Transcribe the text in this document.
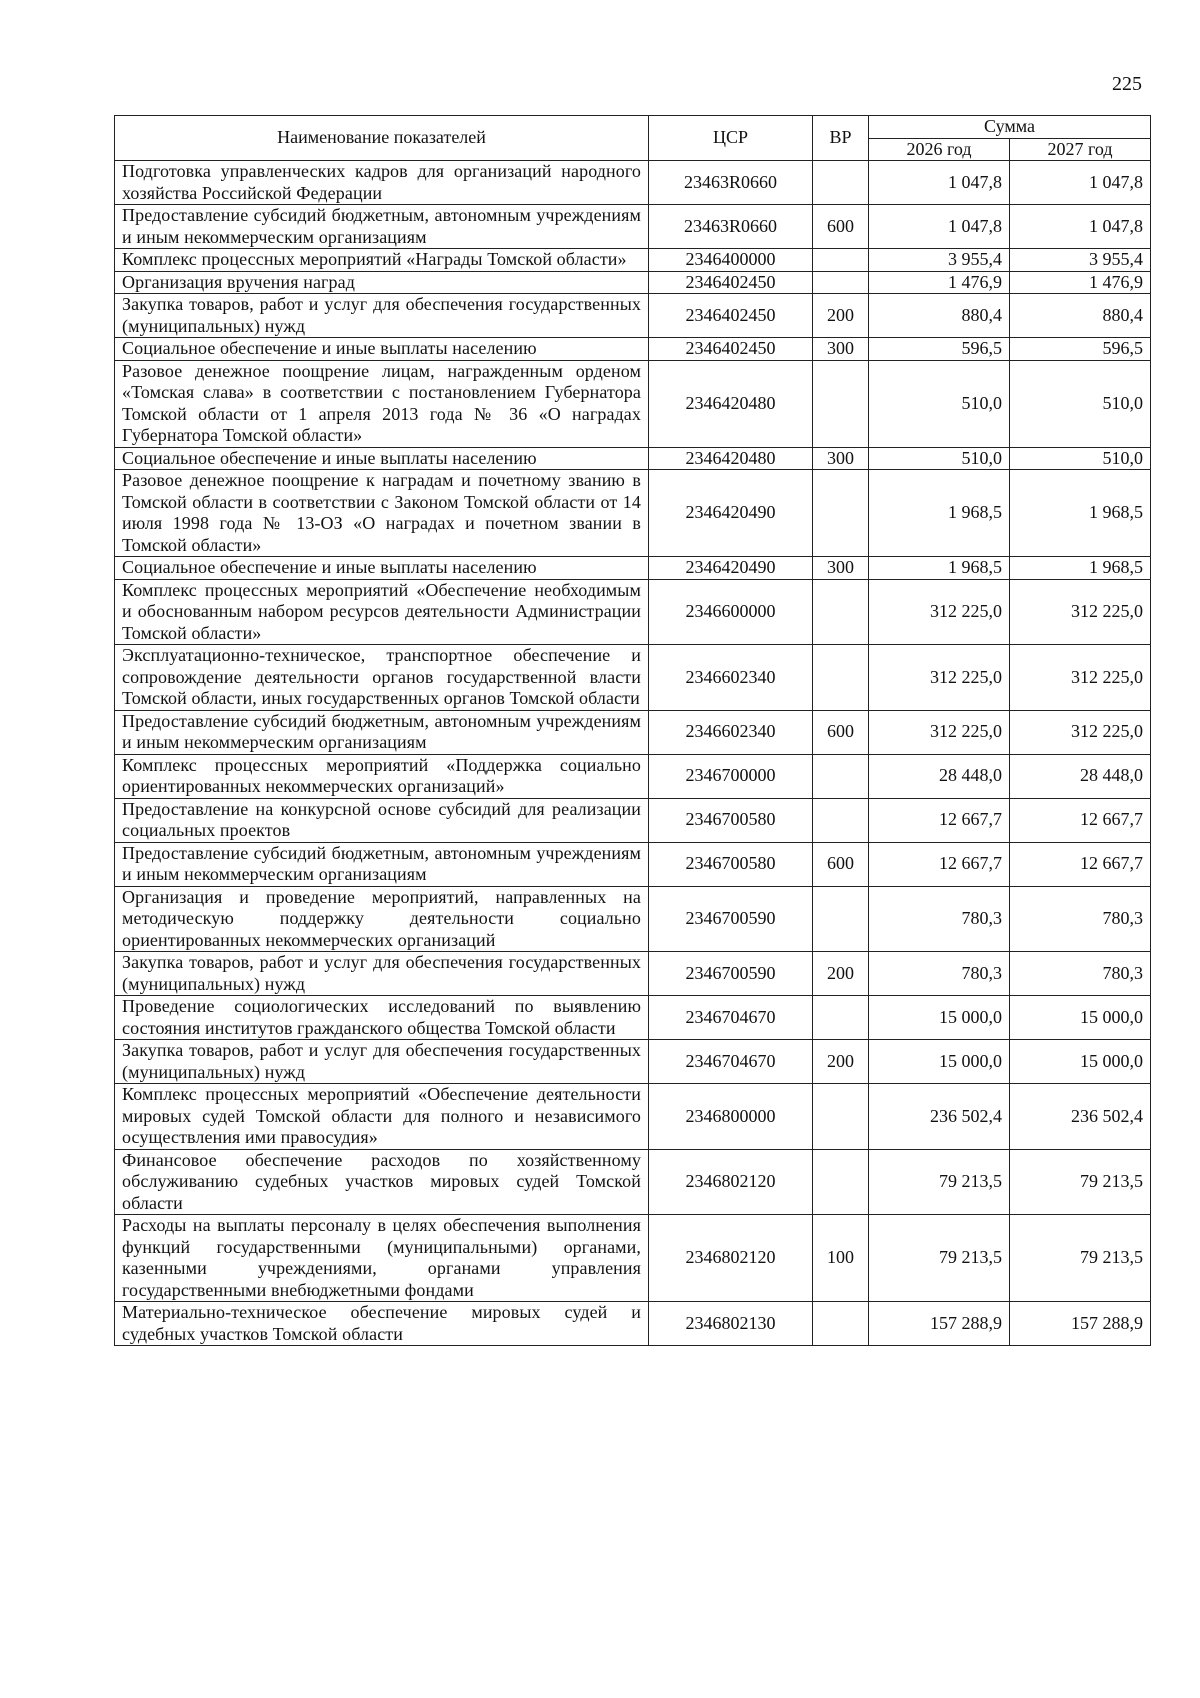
225
Наименование показателей	ЦСР	ВР	Сумма	
			2026 год	2027 год
Подготовка управленческих кадров для организаций народного хозяйства Российской Федерации	23463R0660		1 047,8	1 047,8
Предоставление субсидий бюджетным, автономным учреждениям и иным некоммерческим организациям	23463R0660	600	1 047,8	1 047,8
Комплекс процессных мероприятий «Награды Томской области»	2346400000		3 955,4	3 955,4
Организация вручения наград	2346402450		1 476,9	1 476,9
Закупка товаров, работ и услуг для обеспечения государственных (муниципальных) нужд	2346402450	200	880,4	880,4
Социальное обеспечение и иные выплаты населению	2346402450	300	596,5	596,5
Разовое денежное поощрение лицам, награжденным орденом «Томская слава» в соответствии с постановлением Губернатора Томской области от 1 апреля 2013 года № 36 «О наградах Губернатора Томской области»	2346420480		510,0	510,0
Социальное обеспечение и иные выплаты населению	2346420480	300	510,0	510,0
Разовое денежное поощрение к наградам и почетному званию в Томской области в соответствии с Законом Томской области от 14 июля 1998 года № 13-ОЗ «О наградах и почетном звании в Томской области»	2346420490		1 968,5	1 968,5
Социальное обеспечение и иные выплаты населению	2346420490	300	1 968,5	1 968,5
Комплекс процессных мероприятий «Обеспечение необходимым и обоснованным набором ресурсов деятельности Администрации Томской области»	2346600000		312 225,0	312 225,0
Эксплуатационно-техническое, транспортное обеспечение и сопровождение деятельности органов государственной власти Томской области, иных государственных органов Томской области	2346602340		312 225,0	312 225,0
Предоставление субсидий бюджетным, автономным учреждениям и иным некоммерческим организациям	2346602340	600	312 225,0	312 225,0
Комплекс процессных мероприятий «Поддержка социально ориентированных некоммерческих организаций»	2346700000		28 448,0	28 448,0
Предоставление на конкурсной основе субсидий для реализации социальных проектов	2346700580		12 667,7	12 667,7
Предоставление субсидий бюджетным, автономным учреждениям и иным некоммерческим организациям	2346700580	600	12 667,7	12 667,7
Организация и проведение мероприятий, направленных на методическую поддержку деятельности социально ориентированных некоммерческих организаций	2346700590		780,3	780,3
Закупка товаров, работ и услуг для обеспечения государственных (муниципальных) нужд	2346700590	200	780,3	780,3
Проведение социологических исследований по выявлению состояния институтов гражданского общества Томской области	2346704670		15 000,0	15 000,0
Закупка товаров, работ и услуг для обеспечения государственных (муниципальных) нужд	2346704670	200	15 000,0	15 000,0
Комплекс процессных мероприятий «Обеспечение деятельности мировых судей Томской области для полного и независимого осуществления ими правосудия»	2346800000		236 502,4	236 502,4
Финансовое обеспечение расходов по хозяйственному обслуживанию судебных участков мировых судей Томской области	2346802120		79 213,5	79 213,5
Расходы на выплаты персоналу в целях обеспечения выполнения функций государственными (муниципальными) органами, казенными учреждениями, органами управления государственными внебюджетными фондами	2346802120	100	79 213,5	79 213,5
Материально-техническое обеспечение мировых судей и судебных участков Томской области	2346802130		157 288,9	157 288,9
